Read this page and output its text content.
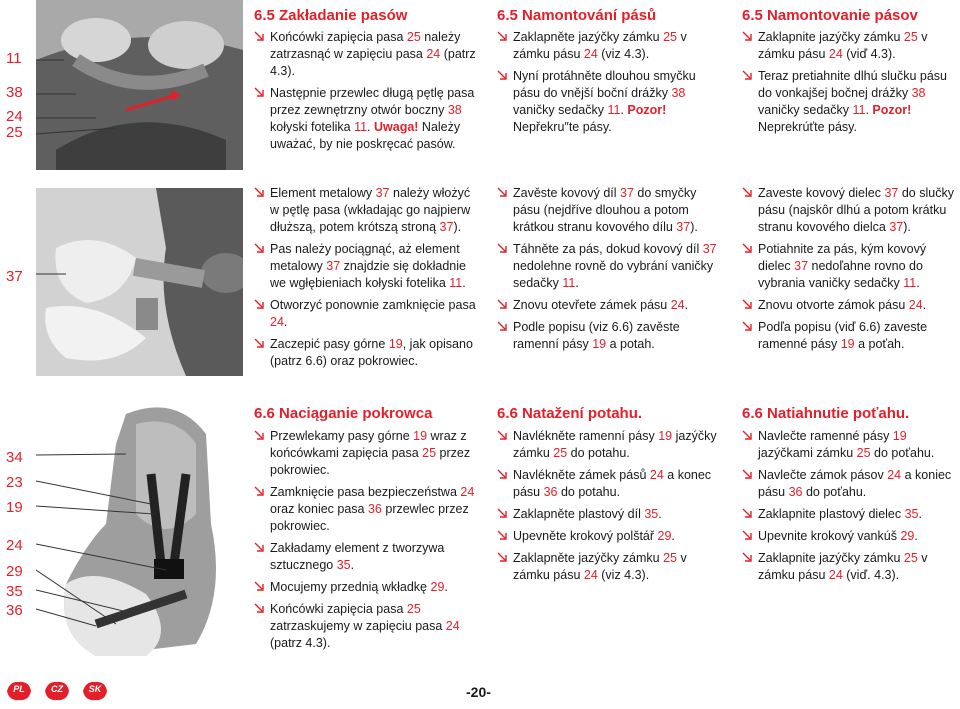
11
38
24
25
6.5 Zakładanie pasów
Końcówki zapięcia pasa 25 należy zatrzasnąć w zapięciu pasa 24 (patrz 4.3).
Następnie przewlec długą pętlę pasa przez zewnętrzny otwór boczny 38 kołyski fotelika 11. Uwaga! Należy uważać, by nie poskręcać pasów.
6.5 Namontování pásů
Zaklapněte jazýčky zámku 25 v zámku pásu 24 (viz 4.3).
Nyní protáhněte dlouhou smyčku pásu do vnější boční drážky 38 vaničky sedačky 11. Pozor! Nepřekru″te pásy.
6.5 Namontovanie pásov
Zaklapnite jazýčky zámku 25 v zámku pásu 24 (viď 4.3).
Teraz pretiahnite dlhú slučku pásu do vonkajšej bočnej drážky 38 vaničky sedačky 11. Pozor! Neprekrúťte pásy.
37
Element metalowy 37 należy włożyć w pętlę pasa (wkładając go najpierw dłuższą, potem krótszą stroną 37).
Pas należy pociągnąć, aż element metalowy 37 znajdzie się dokładnie we wgłębieniach kołyski fotelika 11.
Otworzyć ponownie zamknięcie pasa 24.
Zaczepić pasy górne 19, jak opisano (patrz 6.6) oraz pokrowiec.
Zavěste kovový díl 37 do smyčky pásu (nejdříve dlouhou a potom krátkou stranu kovového dílu 37).
Táhněte za pás, dokud kovový díl 37 nedolehne rovně do vybrání vaničky sedačky 11.
Znovu otevřete zámek pásu 24.
Podle popisu (viz 6.6) zavěste ramenní pásy 19 a potah.
Zaveste kovový dielec 37 do slučky pásu (najskôr dlhú a potom krátku stranu kovového dielca 37).
Potiahnite za pás, kým kovový dielec 37 nedoľahne rovno do vybrania vaničky sedačky 11.
Znovu otvorte zámok pásu 24.
Podľa popisu (viď 6.6) zaveste ramenné pásy 19 a poťah.
34
23
19
24
29
35
36
6.6 Naciąganie pokrowca
Przewlekamy pasy górne 19 wraz z końcówkami zapięcia pasa 25 przez pokrowiec.
Zamknięcie pasa bezpieczeństwa 24 oraz koniec pasa 36 przewlec przez pokrowiec.
Zakładamy element z tworzywa sztucznego 35.
Mocujemy przednią wkładkę 29.
Końcówki zapięcia pasa 25 zatrzaskujemy w zapięciu pasa 24 (patrz 4.3).
6.6 Natažení potahu.
Navlékněte ramenní pásy 19 jazýčky zámku 25 do potahu.
Navlékněte zámek pásů 24 a konec pásu 36 do potahu.
Zaklapněte plastový díl 35.
Upevněte krokový polštář 29.
Zaklapněte jazýčky zámku 25 v zámku pásu 24 (viz 4.3).
6.6 Natiahnutie poťahu.
Navlečte ramenné pásy 19 jazýčkami zámku 25 do poťahu.
Navlečte zámok pásov 24 a koniec pásu 36 do poťahu.
Zaklapnite plastový dielec 35.
Upevnite krokový vankúš 29.
Zaklapnite jazýčky zámku 25 v zámku pásu 24 (viď. 4.3).
PL	CZ	SK	-20-
